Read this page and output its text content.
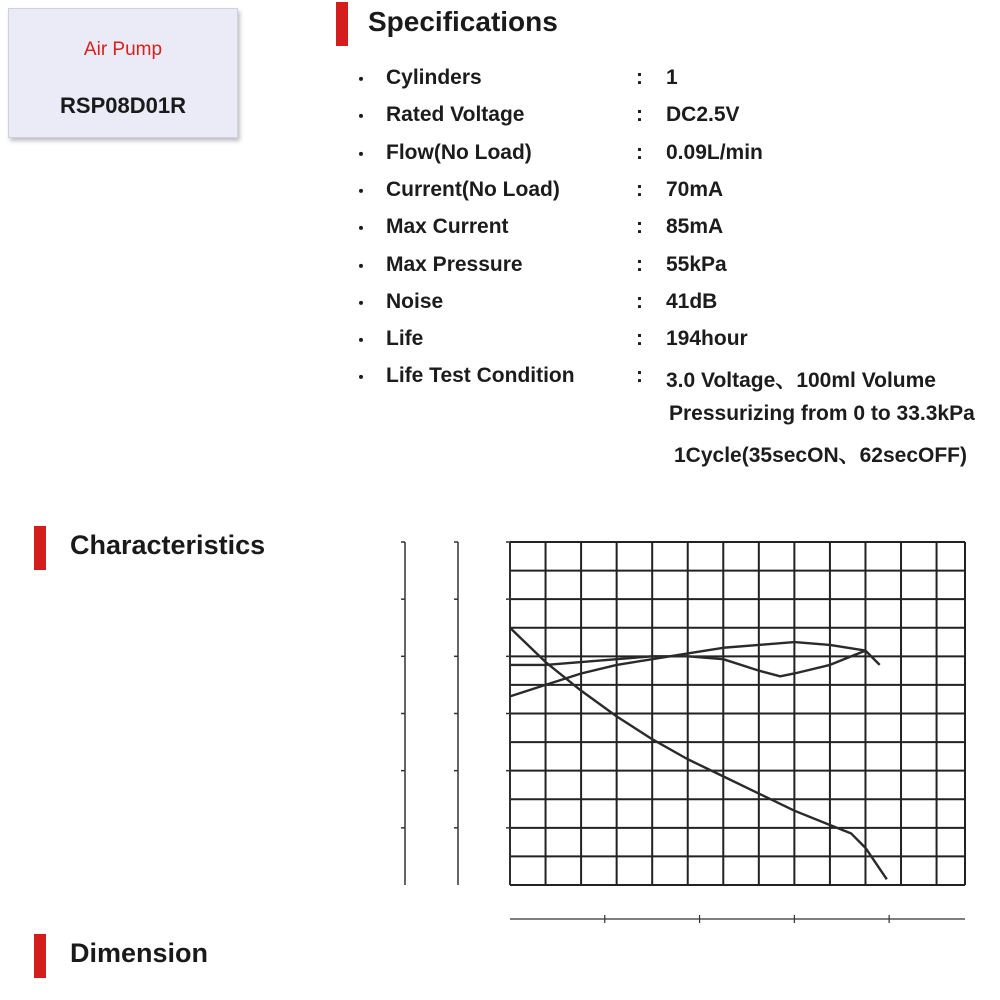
Air Pump
RSP08D01R
Specifications
・ Cylinders	: 1
・ Rated Voltage	: DC2.5V
・ Flow(No Load)	: 0.09L/min
・ Current(No Load)	: 70mA
・ Max Current	: 85mA
・ Max Pressure	: 55kPa
・ Noise	: 41dB
・ Life	: 194hour
・ Life Test Condition	: 3.0 Voltage、100ml Volume
Pressurizing from 0 to 33.3kPa
1Cycle(35secON、62secOFF)
Characteristics
Dimension
